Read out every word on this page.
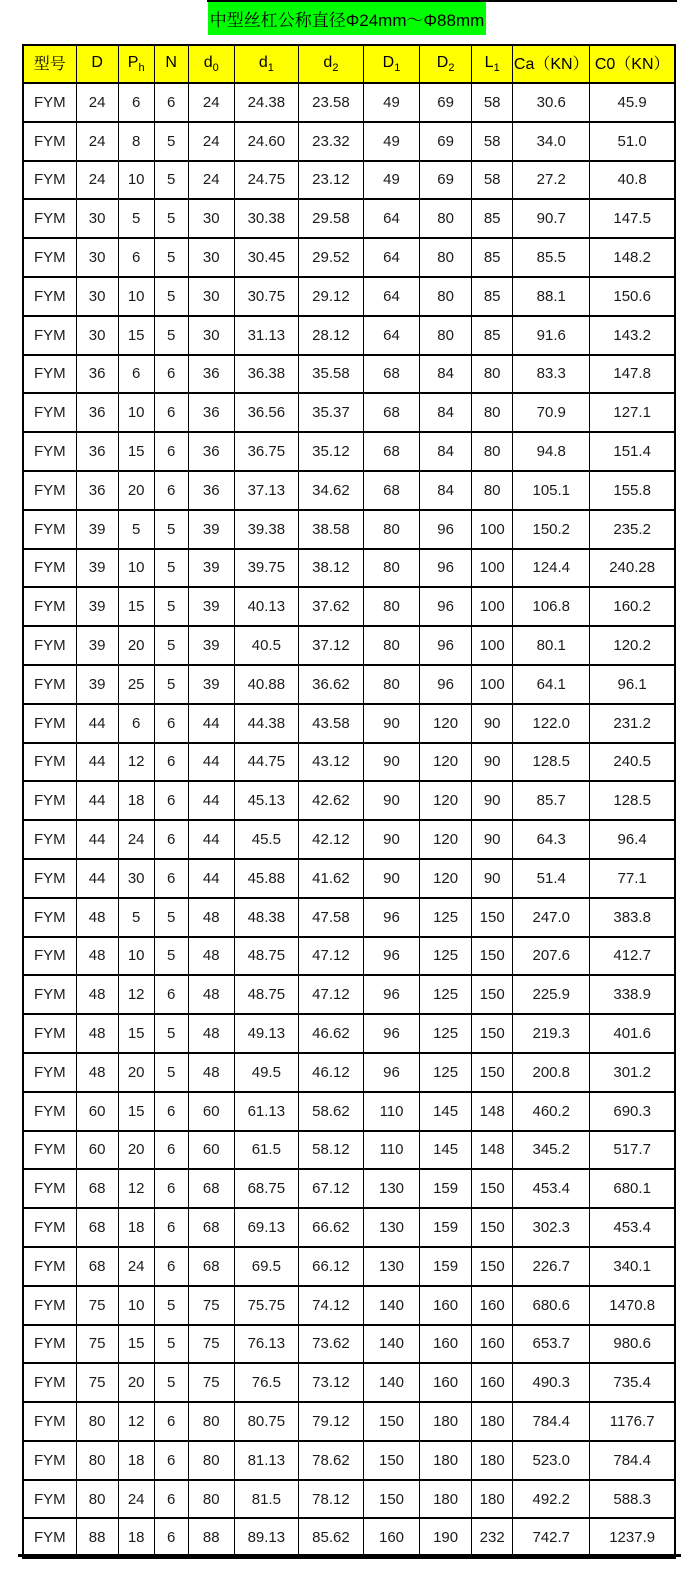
中型丝杠公称直径Φ24mm～Φ88mm
型号	D	$P_h$	N	$d_0$	$d_1$	$d_2$	$D_1$	$D_2$	$L_1$	Ca（KN）	C0（KN）
FYM	24	6	6	24	24.38	23.58	49	69	58	30.6	45.9
FYM	24	8	5	24	24.60	23.32	49	69	58	34.0	51.0
FYM	24	10	5	24	24.75	23.12	49	69	58	27.2	40.8
FYM	30	5	5	30	30.38	29.58	64	80	85	90.7	147.5
FYM	30	6	5	30	30.45	29.52	64	80	85	85.5	148.2
FYM	30	10	5	30	30.75	29.12	64	80	85	88.1	150.6
FYM	30	15	5	30	31.13	28.12	64	80	85	91.6	143.2
FYM	36	6	6	36	36.38	35.58	68	84	80	83.3	147.8
FYM	36	10	6	36	36.56	35.37	68	84	80	70.9	127.1
FYM	36	15	6	36	36.75	35.12	68	84	80	94.8	151.4
FYM	36	20	6	36	37.13	34.62	68	84	80	105.1	155.8
FYM	39	5	5	39	39.38	38.58	80	96	100	150.2	235.2
FYM	39	10	5	39	39.75	38.12	80	96	100	124.4	240.28
FYM	39	15	5	39	40.13	37.62	80	96	100	106.8	160.2
FYM	39	20	5	39	40.5	37.12	80	96	100	80.1	120.2
FYM	39	25	5	39	40.88	36.62	80	96	100	64.1	96.1
FYM	44	6	6	44	44.38	43.58	90	120	90	122.0	231.2
FYM	44	12	6	44	44.75	43.12	90	120	90	128.5	240.5
FYM	44	18	6	44	45.13	42.62	90	120	90	85.7	128.5
FYM	44	24	6	44	45.5	42.12	90	120	90	64.3	96.4
FYM	44	30	6	44	45.88	41.62	90	120	90	51.4	77.1
FYM	48	5	5	48	48.38	47.58	96	125	150	247.0	383.8
FYM	48	10	5	48	48.75	47.12	96	125	150	207.6	412.7
FYM	48	12	6	48	48.75	47.12	96	125	150	225.9	338.9
FYM	48	15	5	48	49.13	46.62	96	125	150	219.3	401.6
FYM	48	20	5	48	49.5	46.12	96	125	150	200.8	301.2
FYM	60	15	6	60	61.13	58.62	110	145	148	460.2	690.3
FYM	60	20	6	60	61.5	58.12	110	145	148	345.2	517.7
FYM	68	12	6	68	68.75	67.12	130	159	150	453.4	680.1
FYM	68	18	6	68	69.13	66.62	130	159	150	302.3	453.4
FYM	68	24	6	68	69.5	66.12	130	159	150	226.7	340.1
FYM	75	10	5	75	75.75	74.12	140	160	160	680.6	1470.8
FYM	75	15	5	75	76.13	73.62	140	160	160	653.7	980.6
FYM	75	20	5	75	76.5	73.12	140	160	160	490.3	735.4
FYM	80	12	6	80	80.75	79.12	150	180	180	784.4	1176.7
FYM	80	18	6	80	81.13	78.62	150	180	180	523.0	784.4
FYM	80	24	6	80	81.5	78.12	150	180	180	492.2	588.3
FYM	88	18	6	88	89.13	85.62	160	190	232	742.7	1237.9
